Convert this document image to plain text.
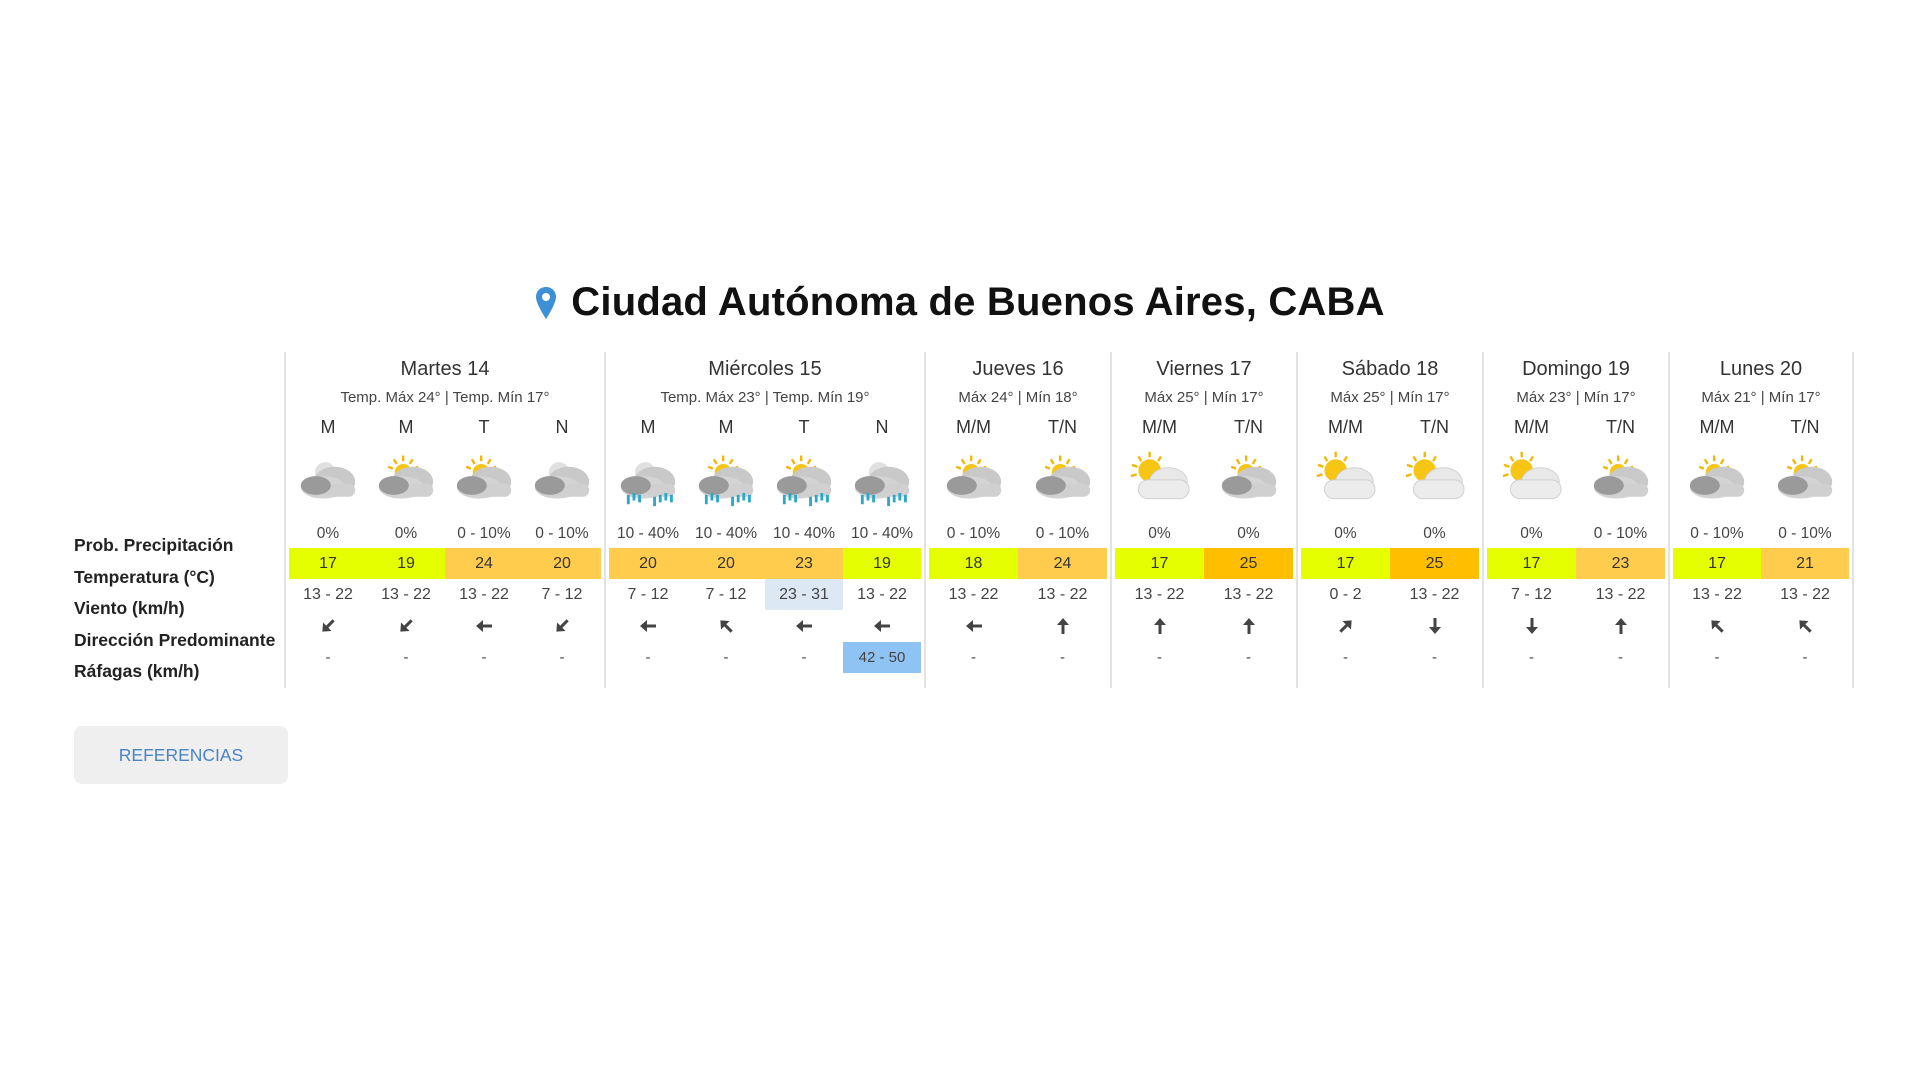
Ciudad Autónoma de Buenos Aires, CABA
Prob. Precipitación
Temperatura (°C)
Viento (km/h)
Dirección Predominante
Ráfagas (km/h)
Martes 14
Temp. Máx 24° | Temp. Mín 17°
M
0%
17
13 - 22
-
M
0%
19
13 - 22
-
T
0 - 10%
24
13 - 22
-
N
0 - 10%
20
7 - 12
-
Miércoles 15
Temp. Máx 23° | Temp. Mín 19°
M
10 - 40%
20
7 - 12
-
M
10 - 40%
20
7 - 12
-
T
10 - 40%
23
23 - 31
-
N
10 - 40%
19
13 - 22
42 - 50
Jueves 16
Máx 24° | Mín 18°
M/M
0 - 10%
18
13 - 22
-
T/N
0 - 10%
24
13 - 22
-
Viernes 17
Máx 25° | Mín 17°
M/M
0%
17
13 - 22
-
T/N
0%
25
13 - 22
-
Sábado 18
Máx 25° | Mín 17°
M/M
0%
17
0 - 2
-
T/N
0%
25
13 - 22
-
Domingo 19
Máx 23° | Mín 17°
M/M
0%
17
7 - 12
-
T/N
0 - 10%
23
13 - 22
-
Lunes 20
Máx 21° | Mín 17°
M/M
0 - 10%
17
13 - 22
-
T/N
0 - 10%
21
13 - 22
-
REFERENCIAS
